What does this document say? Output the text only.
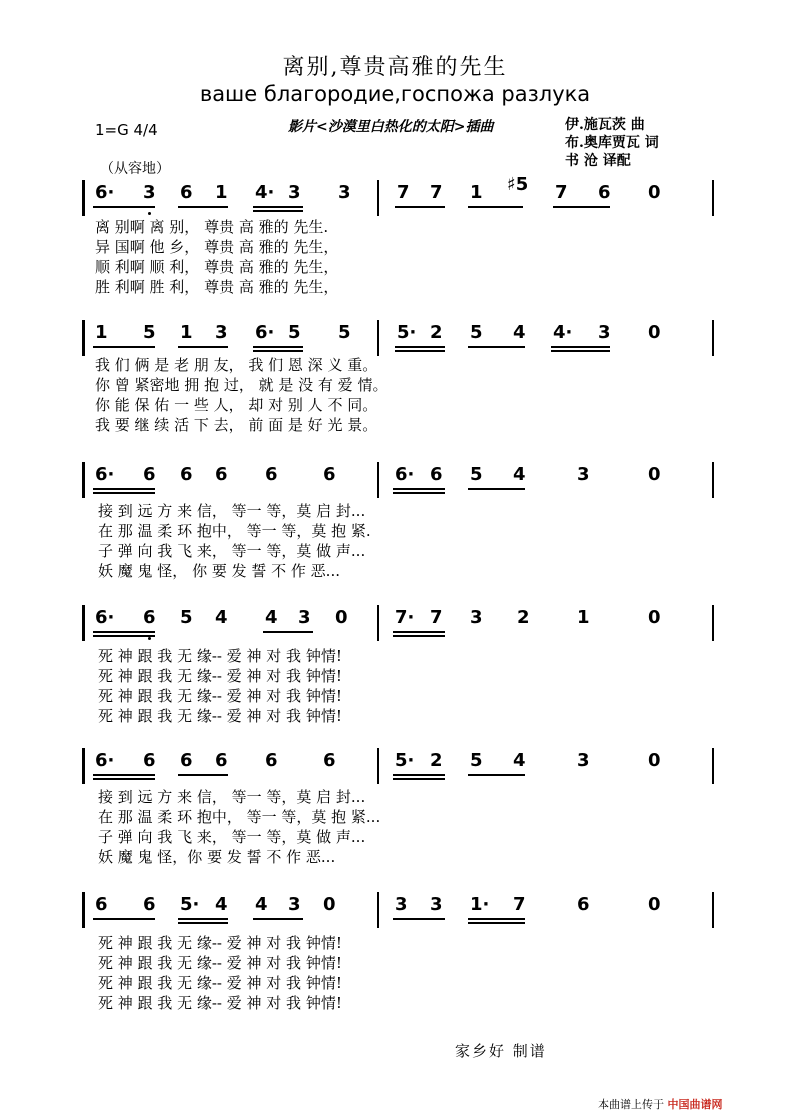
离别,尊贵高雅的先生
ваше благородие,госпожа разлука
1=G 4/4	影片<沙漠里白热化的太阳>插曲	伊.施瓦茨 曲
布.奥库贾瓦 词
书 沧 译配
（从容地）
6· 3 6 1 4· 3 3	7 7 1 ♯5 7 6 0
离 别啊 离 别， 尊贵 高 雅的 先生.
异 国啊 他 乡， 尊贵 高 雅的 先生，
顺 利啊 顺 利， 尊贵 高 雅的 先生，
胜 利啊 胜 利， 尊贵 高 雅的 先生，
1 5 1 3 6· 5 5	5· 2 5 4 4· 3 0
我 们 俩 是 老 朋 友， 我 们 恩 深 义 重。
你 曾 紧密地 拥 抱 过， 就 是 没 有 爱 情。
你 能 保 佑 一 些 人， 却 对 别 人 不 同。
我 要 继 续 活 下 去， 前 面 是 好 光 景。
6· 6 6 6 6	6	6· 6 5 4	3	0
接 到 远 方 来 信， 等一 等，莫 启 封...
在 那 温 柔 环 抱中， 等一 等，莫 抱 紧.
子 弹 向 我 飞 来， 等一 等，莫 做 声...
妖 魔 鬼 怪， 你 要 发 誓 不 作 恶...
6· 6 5 4 4 3 0	7· 7 3 2	1	0
死 神 跟 我 无 缘-- 爱 神 对 我 钟情!
死 神 跟 我 无 缘-- 爱 神 对 我 钟情!
死 神 跟 我 无 缘-- 爱 神 对 我 钟情!
死 神 跟 我 无 缘-- 爱 神 对 我 钟情!
6· 6 6 6 6	6	5· 2 5 4	3	0
接 到 远 方 来 信， 等一 等，莫 启 封...
在 那 温 柔 环 抱中， 等一 等，莫 抱 紧...
子 弹 向 我 飞 来， 等一 等，莫 做 声...
妖 魔 鬼 怪，你 要 发 誓 不 作 恶...
6 6 5· 4 4 3 0	3 3 1· 7	6	0
死 神 跟 我 无 缘-- 爱 神 对 我 钟情!
死 神 跟 我 无 缘-- 爱 神 对 我 钟情!
死 神 跟 我 无 缘-- 爱 神 对 我 钟情!
死 神 跟 我 无 缘-- 爱 神 对 我 钟情!
家乡好 制谱
本曲谱上传于 中国曲谱网
